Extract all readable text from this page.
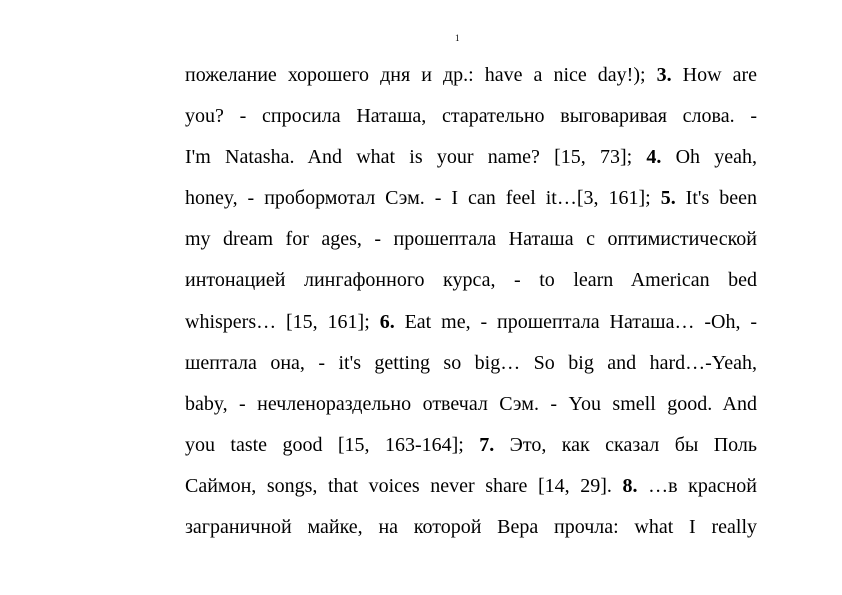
1
пожелание хорошего дня и др.: have a nice day!); 3. How are
you? - спросила Наташа, старательно выговаривая слова. -
I'm Natasha. And what is your name? [15, 73]; 4. Oh yeah,
honey, - пробормотал Сэм. - I can feel it…[3, 161]; 5. It's been
my dream for ages, - прошептала Наташа с оптимистической
интонацией лингафонного курса, - to learn American bed
whispers… [15, 161]; 6. Eat me, - прошептала Наташа… -Oh, -
шептала она, - it's getting so big… So big and hard…-Yeah,
baby, - нечленораздельно отвечал Сэм. - You smell good. And
you taste good [15, 163-164]; 7. Это, как сказал бы Поль
Саймон, songs, that voices never share [14, 29]. 8. …в красной
заграничной майке, на которой Вера прочла: what I really
